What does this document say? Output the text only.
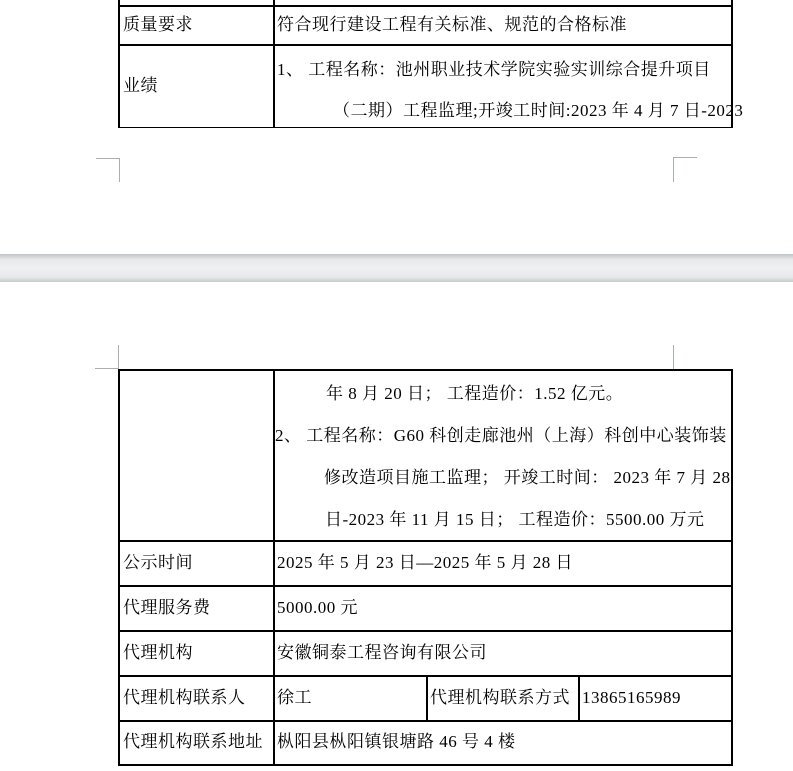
质量要求	符合现行建设工程有关标准、规范的合格标准
业绩
1、 工程名称：池州职业技术学院实验实训综合提升项目
（二期）工程监理;开竣工时间:2023 年 4 月 7 日-2023
年 8 月 20 日； 工程造价：1.52 亿元。
2、 工程名称：G60 科创走廊池州（上海）科创中心装饰装
修改造项目施工监理； 开竣工时间： 2023 年 7 月 28
日-2023 年 11 月 15 日； 工程造价：5500.00 万元
公示时间	2025 年 5 月 23 日—2025 年 5 月 28 日
代理服务费	5000.00 元
代理机构	安徽铜泰工程咨询有限公司
代理机构联系人 徐工	代理机构联系方式 13865165989
代理机构联系地址 枞阳县枞阳镇银塘路 46 号 4 楼
